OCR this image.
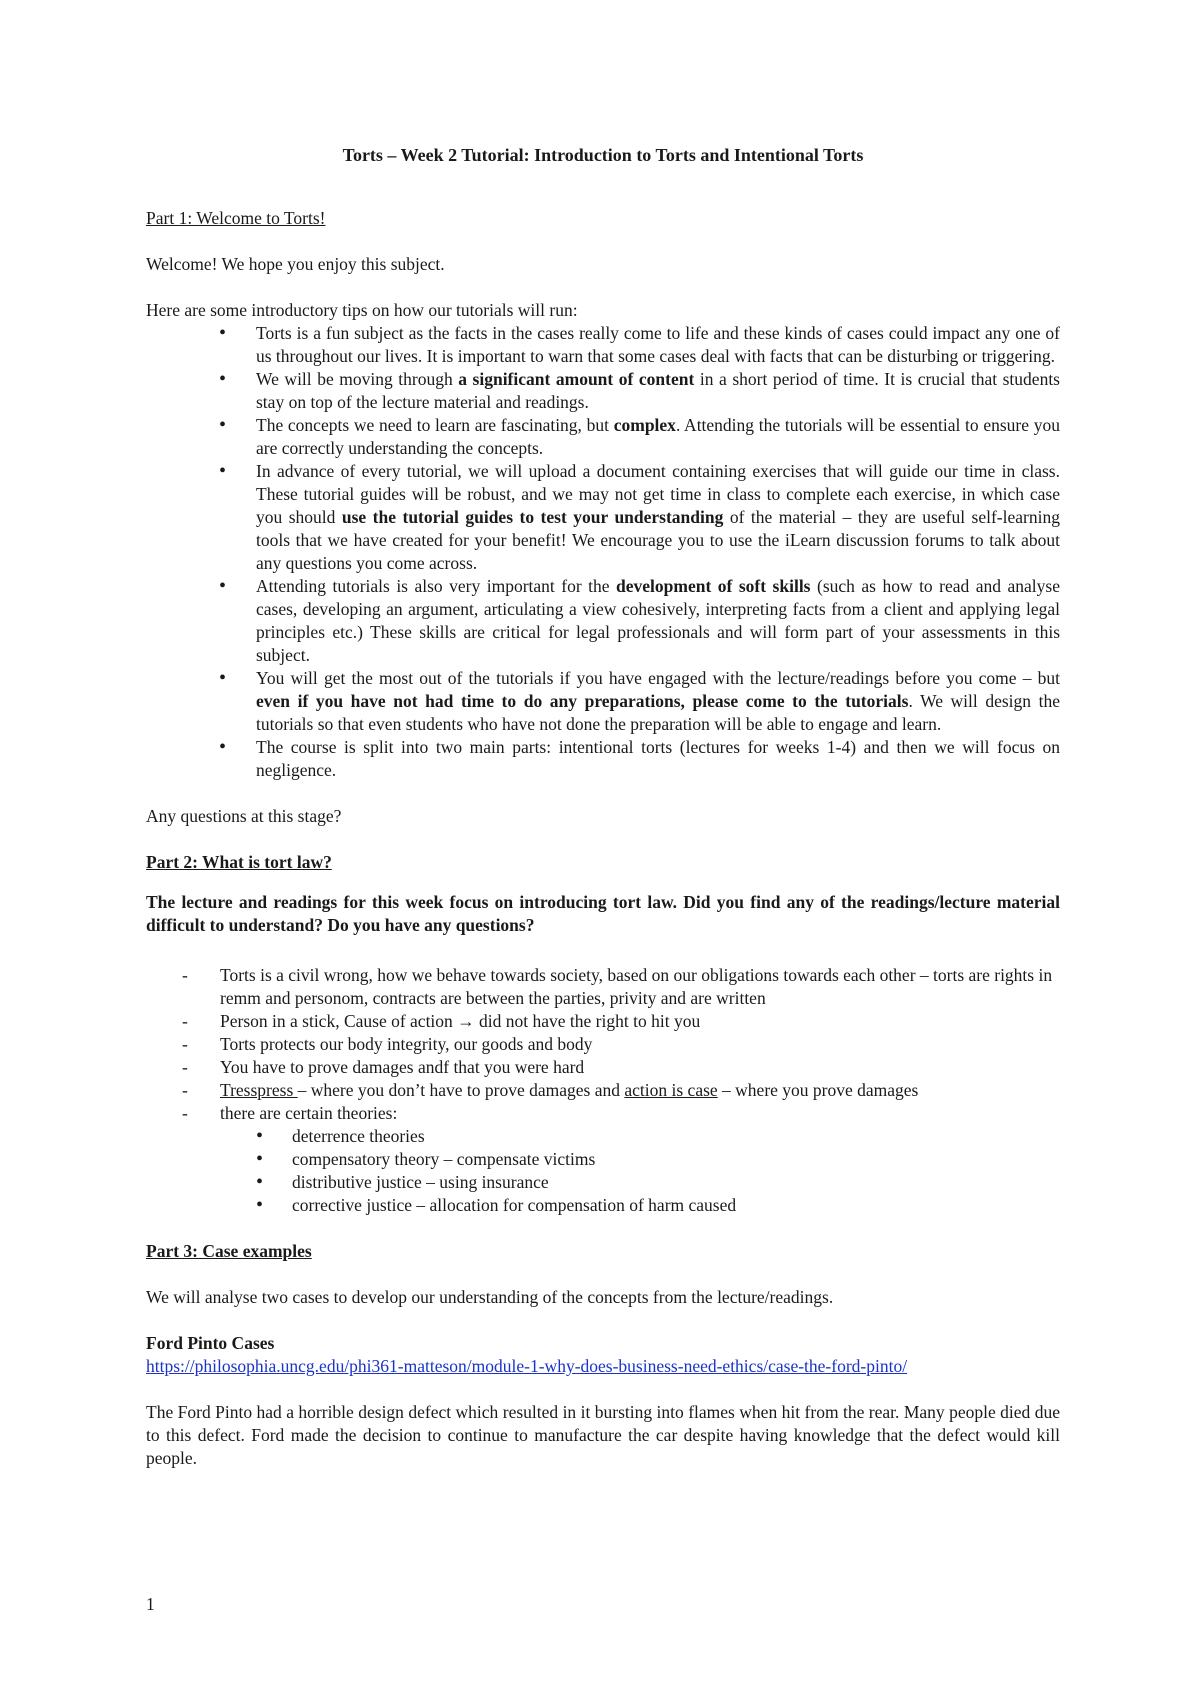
Torts – Week 2 Tutorial: Introduction to Torts and Intentional Torts

Part 1: Welcome to Torts!

Welcome! We hope you enjoy this subject.

Here are some introductory tips on how our tutorials will run:

• Torts is a fun subject as the facts in the cases really come to life and these kinds of cases could impact any one of us throughout our lives. It is important to warn that some cases deal with facts that can be disturbing or triggering.
• We will be moving through a significant amount of content in a short period of time. It is crucial that students stay on top of the lecture material and readings.
• The concepts we need to learn are fascinating, but complex. Attending the tutorials will be essential to ensure you are correctly understanding the concepts.
• In advance of every tutorial, we will upload a document containing exercises that will guide our time in class. These tutorial guides will be robust, and we may not get time in class to complete each exercise, in which case you should use the tutorial guides to test your understanding of the material – they are useful self-learning tools that we have created for your benefit! We encourage you to use the iLearn discussion forums to talk about any questions you come across.
• Attending tutorials is also very important for the development of soft skills (such as how to read and analyse cases, developing an argument, articulating a view cohesively, interpreting facts from a client and applying legal principles etc.) These skills are critical for legal professionals and will form part of your assessments in this subject.
• You will get the most out of the tutorials if you have engaged with the lecture/readings before you come – but even if you have not had time to do any preparations, please come to the tutorials. We will design the tutorials so that even students who have not done the preparation will be able to engage and learn.
• The course is split into two main parts: intentional torts (lectures for weeks 1-4) and then we will focus on negligence.

Any questions at this stage?

Part 2: What is tort law?

The lecture and readings for this week focus on introducing tort law. Did you find any of the readings/lecture material difficult to understand? Do you have any questions?

- Torts is a civil wrong, how we behave towards society, based on our obligations towards each other – torts are rights in remm and personom, contracts are between the parties, privity and are written
- Person in a stick, Cause of action → did not have the right to hit you
- Torts protects our body integrity, our goods and body
- You have to prove damages andf that you were hard
- Tresspress – where you don’t have to prove damages and action is case – where you prove damages
- there are certain theories:
• deterrence theories
• compensatory theory – compensate victims
• distributive justice – using insurance
• corrective justice – allocation for compensation of harm caused

Part 3: Case examples

We will analyse two cases to develop our understanding of the concepts from the lecture/readings.

Ford Pinto Cases

https://philosophia.uncg.edu/phi361-matteson/module-1-why-does-business-need-ethics/case-the-ford-pinto/

The Ford Pinto had a horrible design defect which resulted in it bursting into flames when hit from the rear. Many people died due to this defect. Ford made the decision to continue to manufacture the car despite having knowledge that the defect would kill people.

1
